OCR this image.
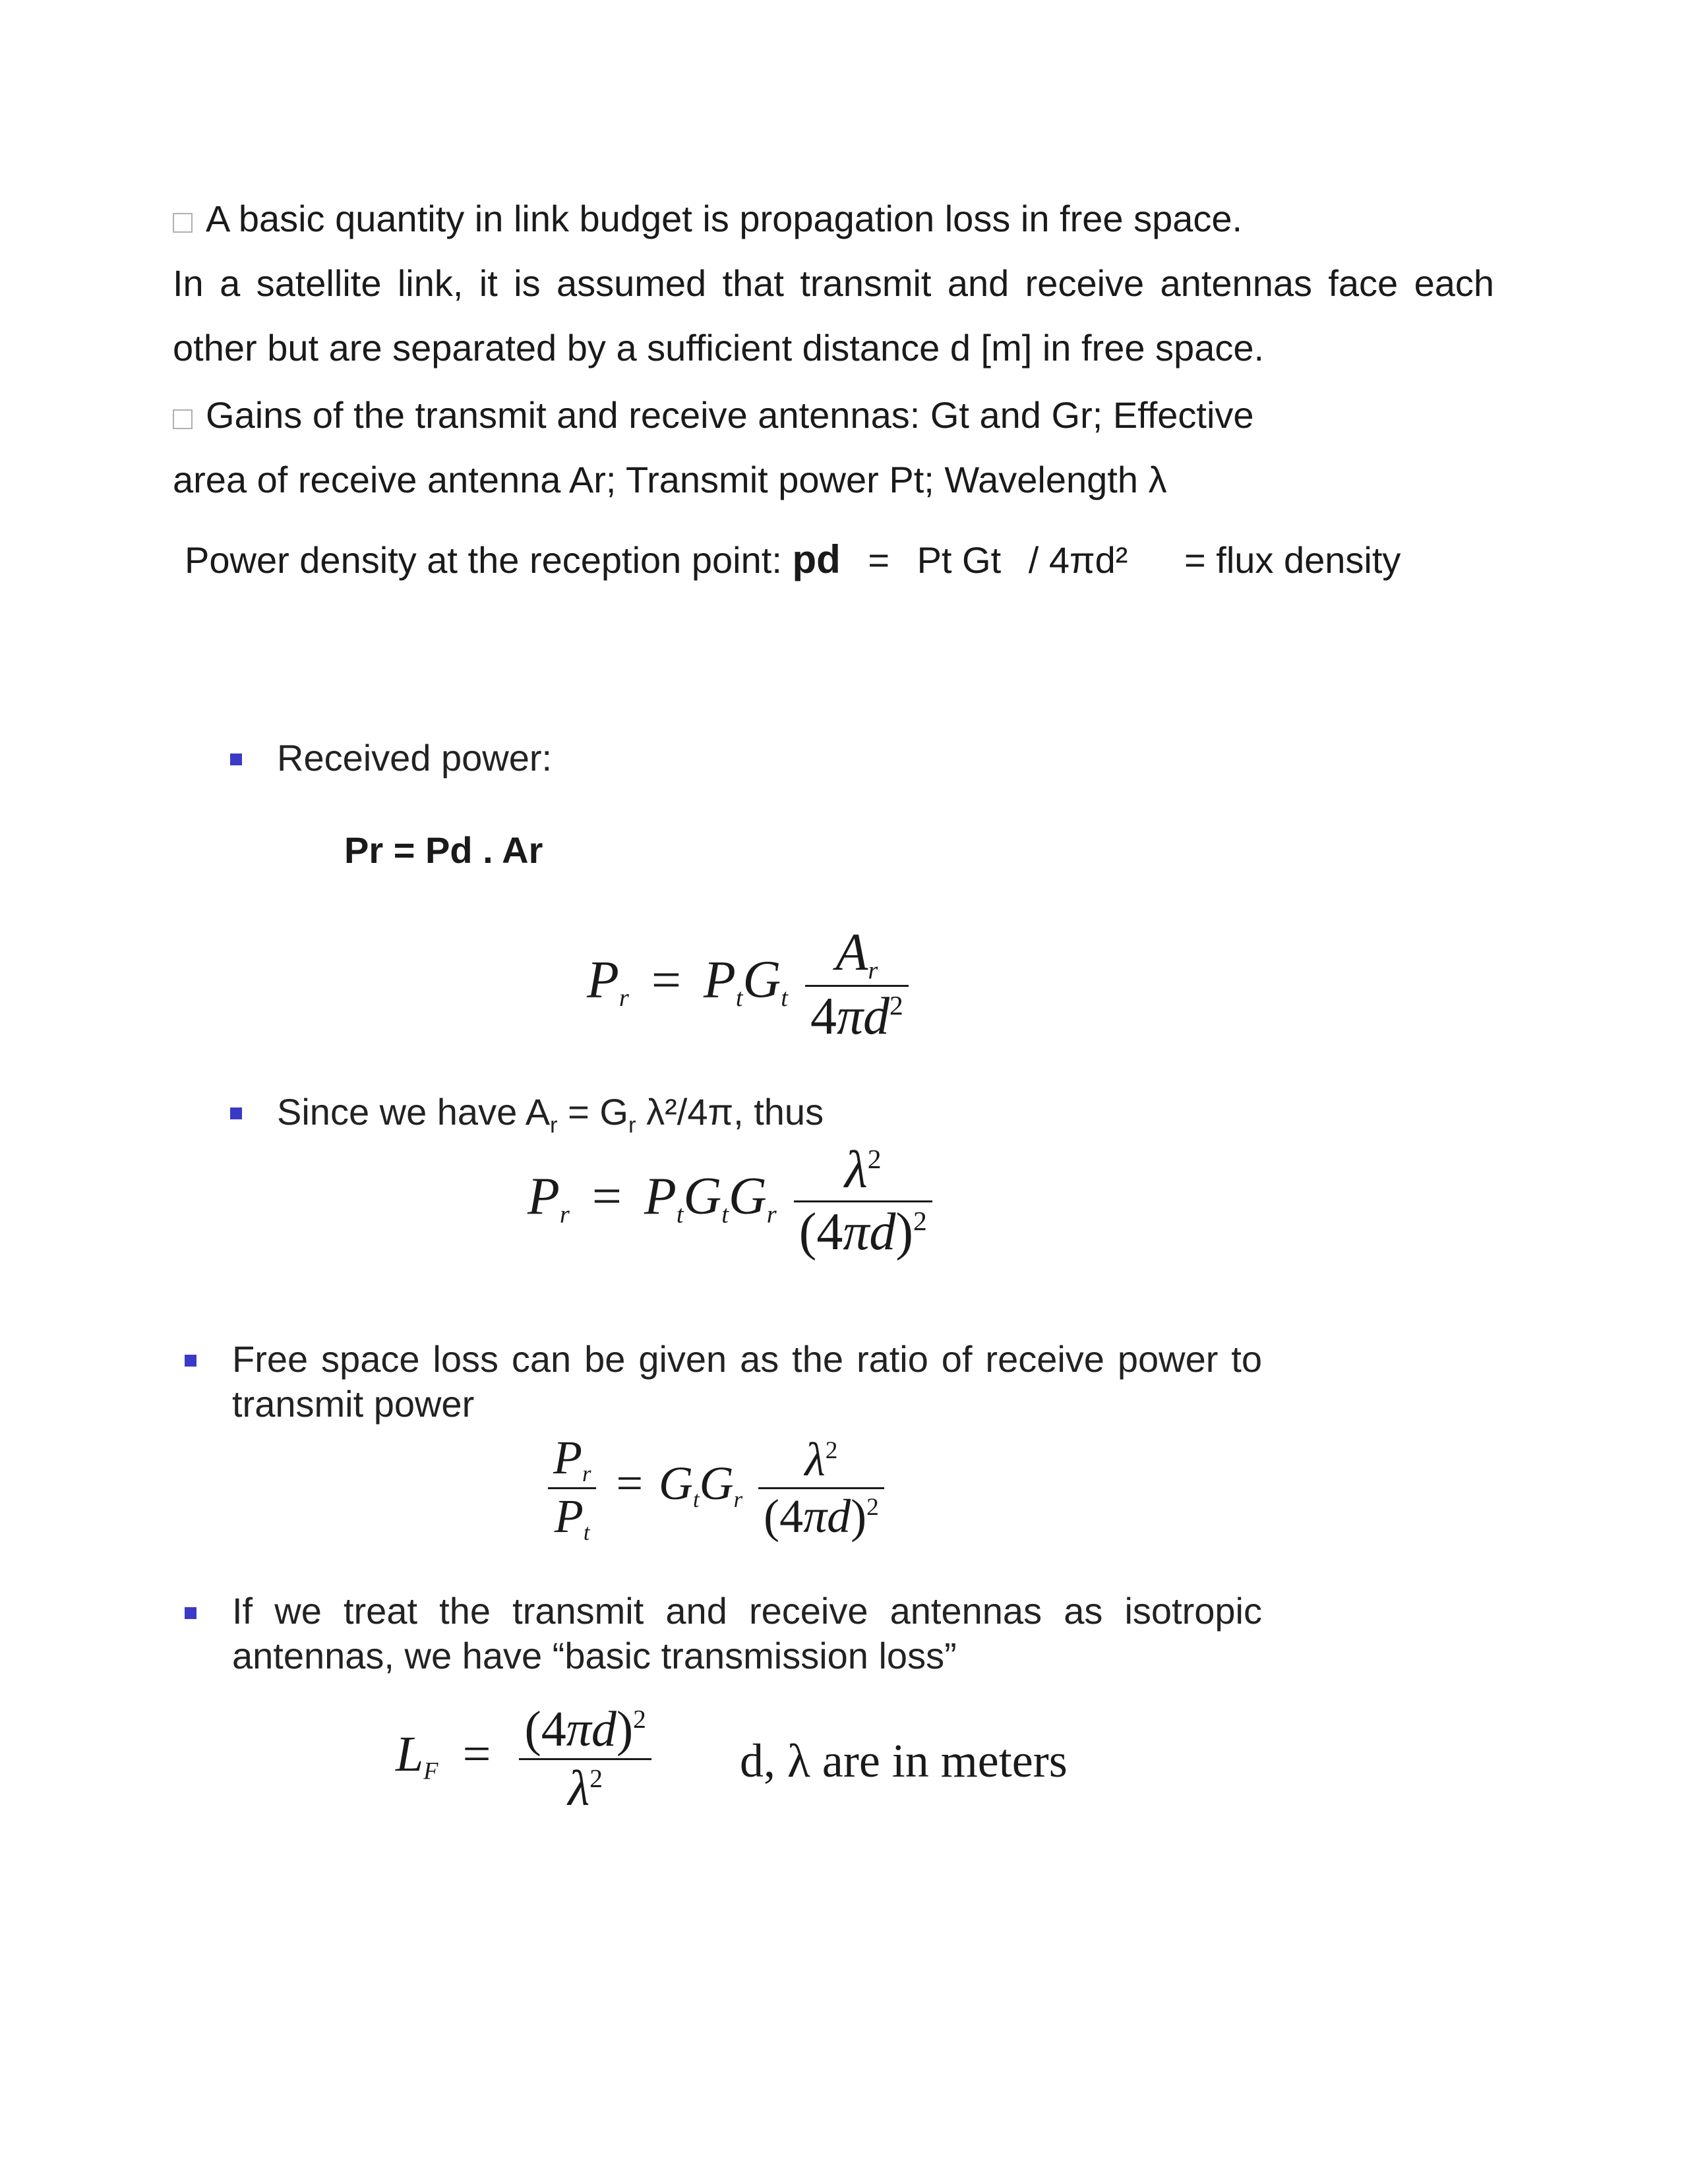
A basic quantity in link budget is propagation loss in free space.
In a satellite link, it is assumed that transmit and receive antennas face each
other but are separated by a sufficient distance d [m] in free space.
Gains of the transmit and receive antennas: Gt and Gr; Effective
area of receive antenna Ar; Transmit power Pt; Wavelength λ
Power density at the reception point: pd = Pt Gt / 4πd² = flux density
Received power:
Pr = Pd . Ar
Pr = PtGt $\frac{Ar}{4\pi d^2}$
Since we have $A_r = G_r$ λ²/4π, thus
Pr = PtGtGr $\frac{\lambda^2}{(4\pi d)^2}$
Free space loss can be given as the ratio of receive power to
transmit power
$\frac{Pr}{Pt}$ = GtGr $\frac{\lambda^2}{(4\pi d)^2}$
If we treat the transmit and receive antennas as isotropic
antennas, we have “basic transmission loss”
LF = $\frac{(4\pi d)^2}{\lambda^2} d$, λ are in meters
